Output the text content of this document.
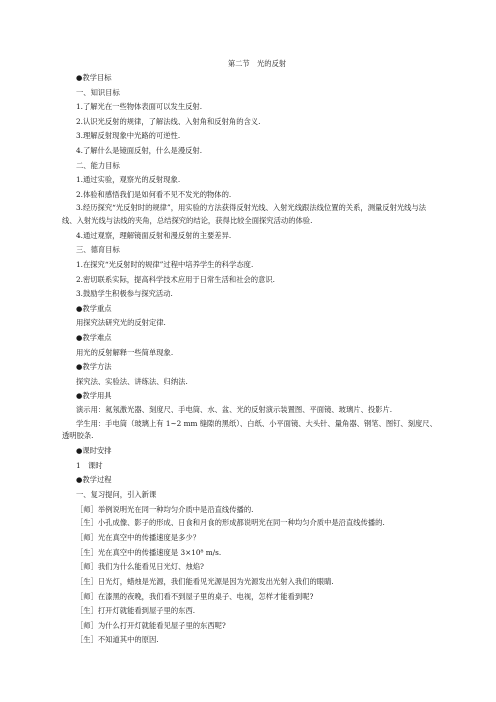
第二节　光的反射

●教学目标

一、知识目标

1.了解光在一些物体表面可以发生反射.

2.认识光反射的规律，了解法线、入射角和反射角的含义.

3.理解反射现象中光路的可逆性.

4.了解什么是镜面反射，什么是漫反射.

二、能力目标

1.通过实验，观察光的反射现象.

2.体验和感悟我们是如何看不见不发光的物体的.

3.经历探究“光反射时的规律”，用实验的方法获得反射光线、入射光线跟法线位置的关系，测量反射光线与法线、入射光线与法线的夹角，总结探究的结论，获得比较全面探究活动的体验.

4.通过观察，理解镜面反射和漫反射的主要差异.

三、德育目标

1.在探究“光反射时的规律”过程中培养学生的科学态度.

2.密切联系实际，提高科学技术应用于日常生活和社会的意识.

3.鼓励学生积极参与探究活动.

●教学重点

用探究法研究光的反射定律.

●教学难点

用光的反射解释一些简单现象.

●教学方法

探究法、实验法、讲练法、归纳法.

●教学用具

演示用：氦氖激光器、刻度尺、手电筒、水、盆、光的反射演示装置图、平面镜、玻璃片、投影片.

学生用：手电筒（玻璃上有 1~2 mm 缝隙的黑纸）、白纸、小平面镜、大头针、量角器、钢笔、图钉、刻度尺、透明胶条.

●课时安排

1　课时

●教学过程

一、复习提问，引入新课

［师］举例说明光在同一种均匀介质中是沿直线传播的.

［生］小孔成像、影子的形成、日食和月食的形成都说明光在同一种均匀介质中是沿直线传播的.

［师］光在真空中的传播速度是多少？

［生］光在真空中的传播速度是 3×10⁸ m/s.

［师］我们为什么能看见日光灯、烛焰?

［生］日光灯，蜡烛是光源，我们能看见光源是因为光源发出光射入我们的眼睛.

［师］在漆黑的夜晚，我们看不到屋子里的桌子、电视，怎样才能看到呢?

［生］打开灯就能看到屋子里的东西.

［师］为什么打开灯就能看见屋子里的东西呢?

［生］不知道其中的原因.
